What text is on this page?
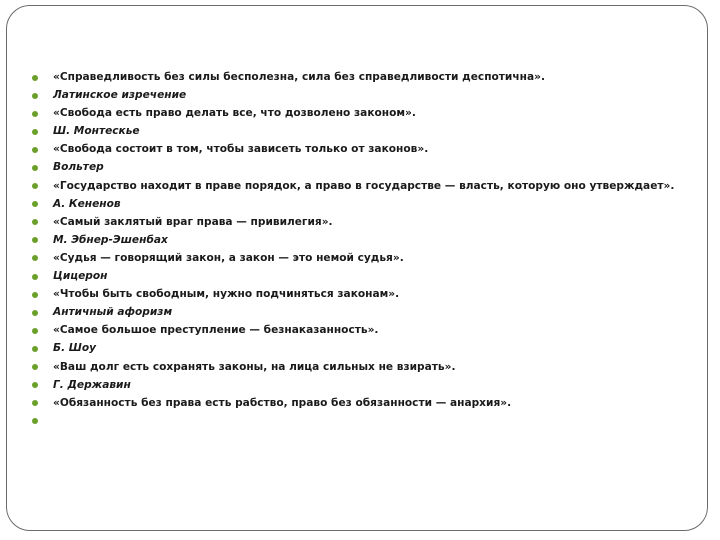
«Справедливость без силы бесполезна, сила без справедливости деспотична».
Латинское изречение
«Свобода есть право делать все, что дозволено законом».
Ш. Монтескье
«Свобода состоит в том, чтобы зависеть только от законов».
Вольтер
«Государство находит в праве порядок, а право в государстве — власть, которую оно утверждает».
А. Кененов
«Самый заклятый враг права — привилегия».
М. Эбнер-Эшенбах
«Судья — говорящий закон, а закон — это немой судья».
Цицерон
«Чтобы быть свободным, нужно подчиняться законам».
Античный афоризм
«Самое большое преступление — безнаказанность».
Б. Шоу
«Ваш долг есть сохранять законы, на лица сильных не взирать».
Г. Державин
«Обязанность без права есть рабство, право без обязанности — анархия».
